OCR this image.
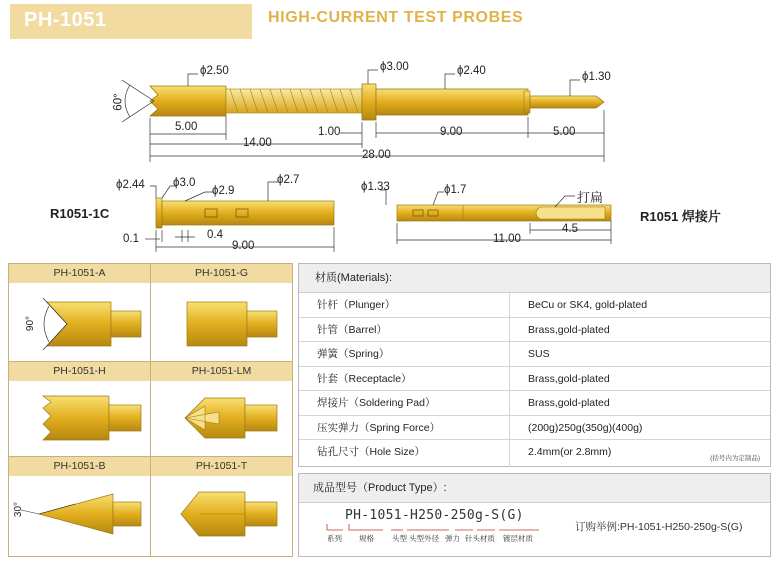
PH-1051	HIGH-CURRENT TEST PROBES
ϕ2.50	ϕ3.00	ϕ2.40	ϕ1.30
60°
5.00
14.00
1.00	9.00	5.00
28.00
R1051-1C
ϕ2.44 ϕ3.0
ϕ2.9
ϕ2.7
0.1	0.4
9.00
ϕ1.33	ϕ1.7	打扁
4.5
11.00
R1051 焊接片
PH-1051-A	PH-1051-G
PH-1051-H	PH-1051-LM
PH-1051-B	PH-1051-T
90°
30°
材质(Materials):
针杆（Plunger）	BeCu or SK4, gold-plated
针管（Barrel）	Brass,gold-plated
弹簧（Spring）	SUS
针套（Receptacle）	Brass,gold-plated
焊接片（Soldering Pad）	Brass,gold-plated
压实弹力（Spring Force）	(200g)250g(350g)(400g)
钻孔尺寸（Hole Size）	2.4mm(or 2.8mm)
(括号内为定制品)
成品型号（Product Type）:
PH-1051-H250-250g-S(G)
系列 规格 头型 头型外径 弹力 针头材质 镀层材质
订购举例:PH-1051-H250-250g-S(G)
